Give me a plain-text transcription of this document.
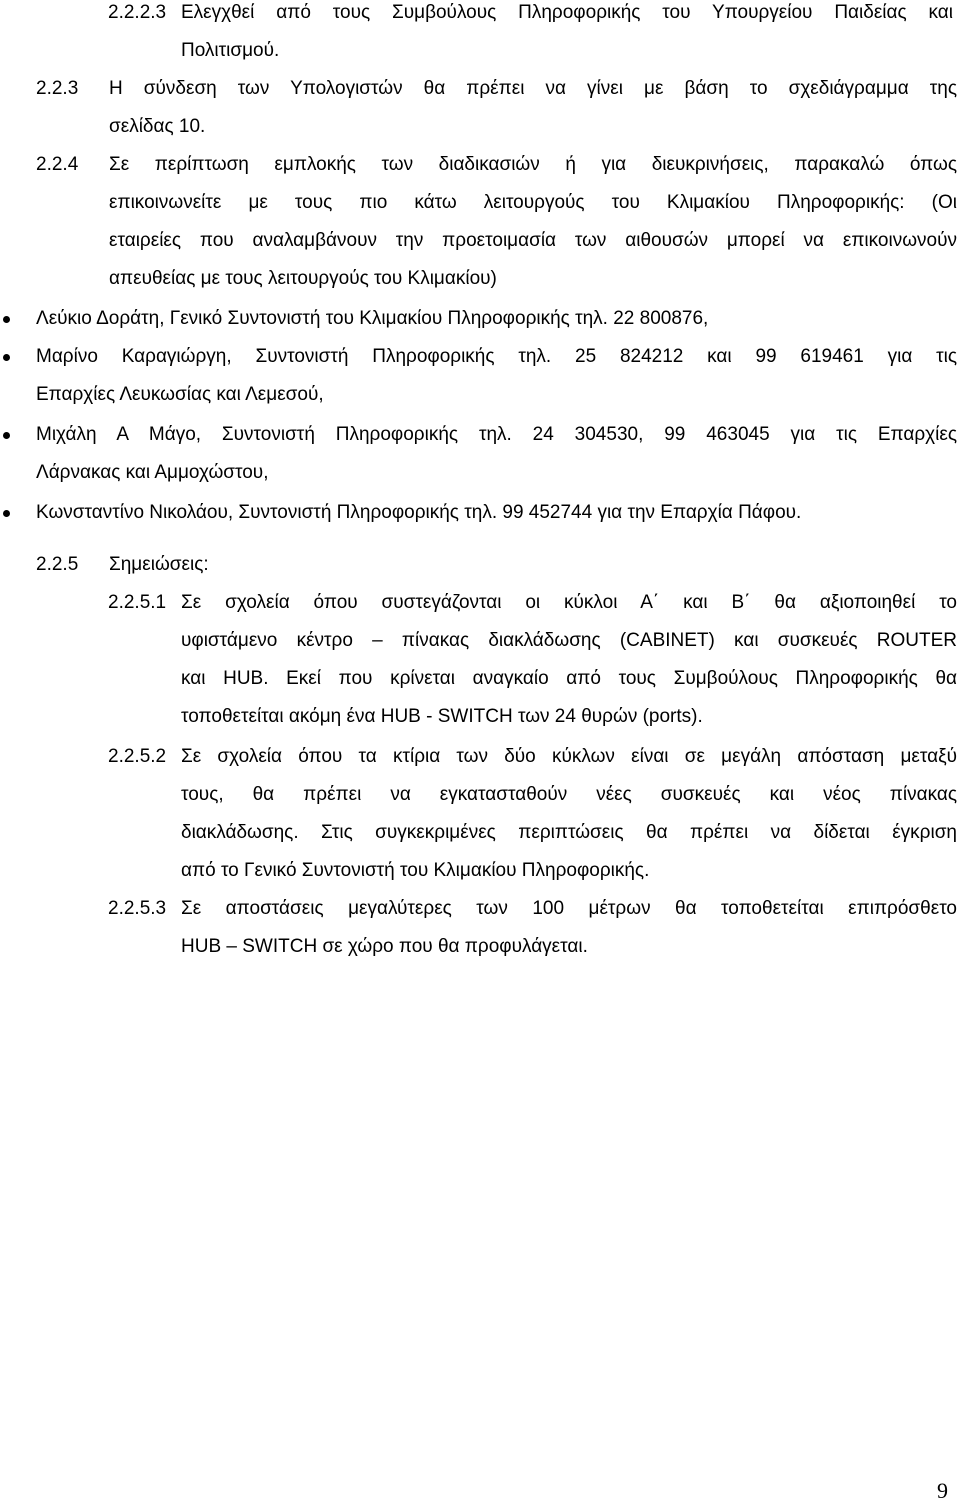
2.2.2.3 Ελεγχθεί από τους Συμβούλους Πληροφορικής του Υπουργείου Παιδείας και
Πολιτισμού.
2.2.3 Η σύνδεση των Υπολογιστών θα πρέπει να γίνει με βάση το σχεδιάγραμμα της
σελίδας 10.
2.2.4 Σε περίπτωση εμπλοκής των διαδικασιών ή για διευκρινήσεις, παρακαλώ όπως
επικοινωνείτε με τους πιο κάτω λειτουργούς του Κλιμακίου Πληροφορικής: (Οι
εταιρείες που αναλαμβάνουν την προετοιμασία των αιθουσών μπορεί να επικοινωνούν
απευθείας με τους λειτουργούς του Κλιμακίου)
Λεύκιο Δοράτη, Γενικό Συντονιστή του Κλιμακίου Πληροφορικής τηλ. 22 800876,
Μαρίνο Καραγιώργη, Συντονιστή Πληροφορικής τηλ. 25 824212 και 99 619461 για τις
Επαρχίες Λευκωσίας και Λεμεσού,
Μιχάλη Α Μάγο, Συντονιστή Πληροφορικής τηλ. 24 304530, 99 463045 για τις Επαρχίες
Λάρνακας και Αμμοχώστου,
Κωνσταντίνο Νικολάου, Συντονιστή Πληροφορικής τηλ. 99 452744 για την Επαρχία Πάφου.
2.2.5 Σημειώσεις:
2.2.5.1 Σε σχολεία όπου συστεγάζονται οι κύκλοι Α΄ και Β΄ θα αξιοποιηθεί το
υφιστάμενο κέντρο – πίνακας διακλάδωσης (CABINET) και συσκευές ROUTER
και HUB. Εκεί που κρίνεται αναγκαίο από τους Συμβούλους Πληροφορικής θα
τοποθετείται ακόμη ένα HUB - SWITCH των 24 θυρών (ports).
2.2.5.2 Σε σχολεία όπου τα κτίρια των δύο κύκλων είναι σε μεγάλη απόσταση μεταξύ
τους, θα πρέπει να εγκατασταθούν νέες συσκευές και νέος πίνακας
διακλάδωσης. Στις συγκεκριμένες περιπτώσεις θα πρέπει να δίδεται έγκριση
από το Γενικό Συντονιστή του Κλιμακίου Πληροφορικής.
2.2.5.3 Σε αποστάσεις μεγαλύτερες των 100 μέτρων θα τοποθετείται επιπρόσθετο
HUB – SWITCH σε χώρο που θα προφυλάγεται.
9
